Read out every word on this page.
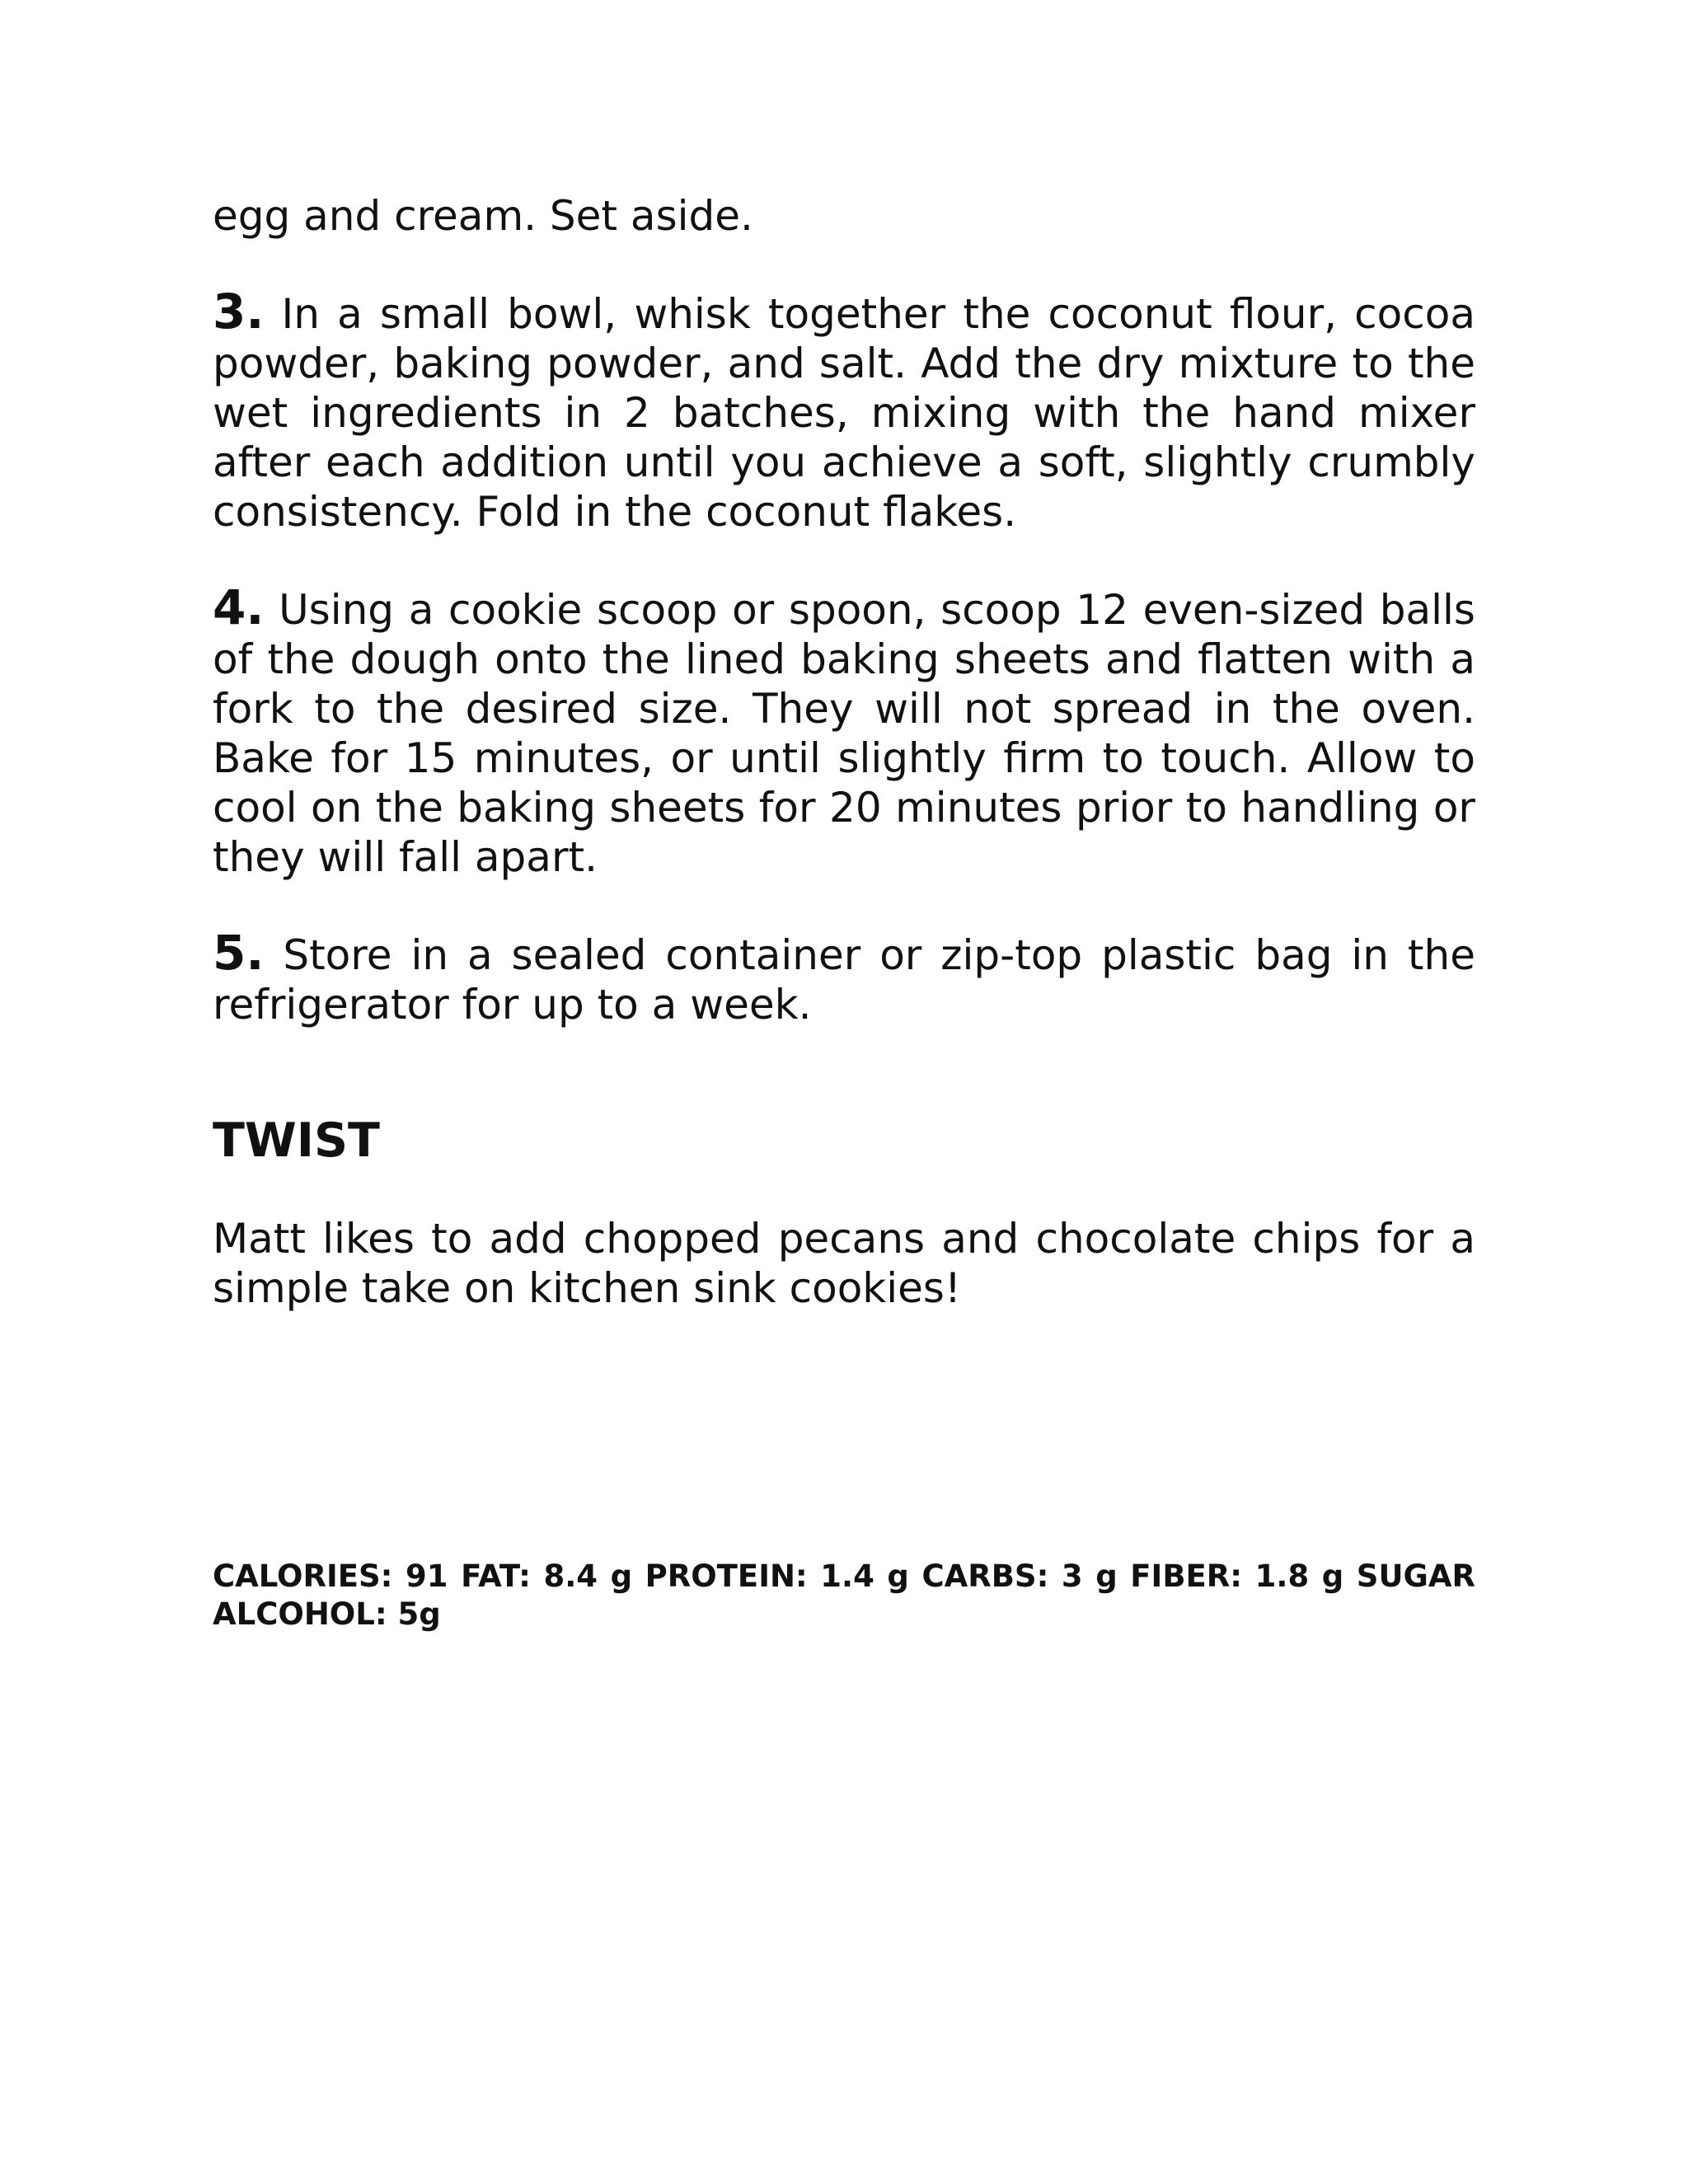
egg and cream. Set aside.

3. In a small bowl, whisk together the coconut flour, cocoa powder, baking powder, and salt. Add the dry mixture to the wet ingredients in 2 batches, mixing with the hand mixer after each addition until you achieve a soft, slightly crumbly consistency. Fold in the coconut flakes.

4. Using a cookie scoop or spoon, scoop 12 even-sized balls of the dough onto the lined baking sheets and flatten with a fork to the desired size. They will not spread in the oven. Bake for 15 minutes, or until slightly firm to touch. Allow to cool on the baking sheets for 20 minutes prior to handling or they will fall apart.

5. Store in a sealed container or zip-top plastic bag in the refrigerator for up to a week.

TWIST

Matt likes to add chopped pecans and chocolate chips for a simple take on kitchen sink cookies!

CALORIES: 91 FAT: 8.4 g PROTEIN: 1.4 g CARBS: 3 g FIBER: 1.8 g SUGAR ALCOHOL: 5g
